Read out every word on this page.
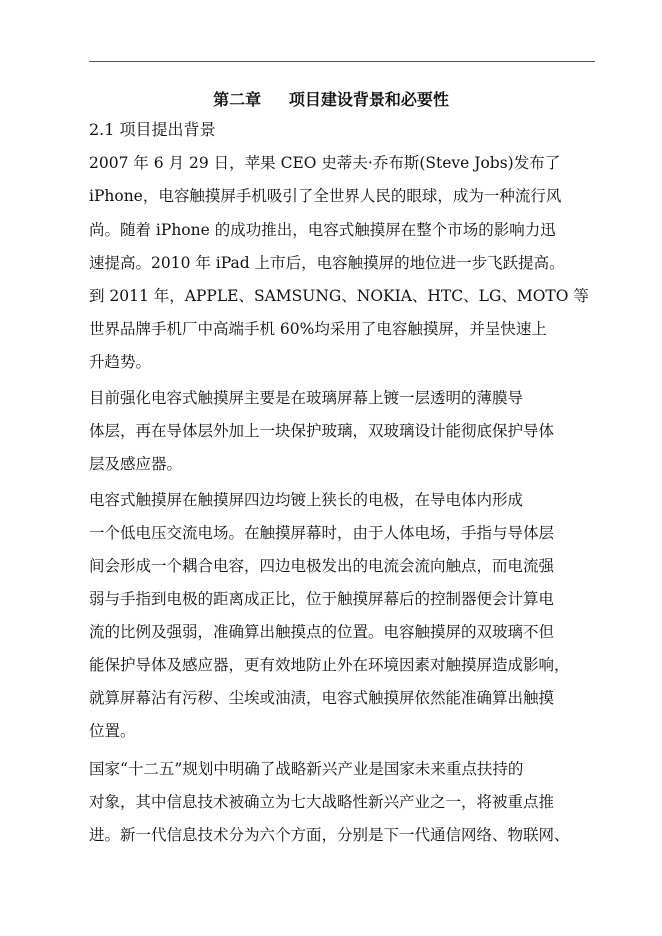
第二章     项目建设背景和必要性
2.1 项目提出背景
2007 年 6 月 29 日，苹果 CEO 史蒂夫·乔布斯(Steve Jobs)发布了
iPhone，电容触摸屏手机吸引了全世界人民的眼球，成为一种流行风
尚。随着 iPhone 的成功推出，电容式触摸屏在整个市场的影响力迅
速提高。2010 年 iPad 上市后，电容触摸屏的地位进一步飞跃提高。
到 2011 年，APPLE、SAMSUNG、NOKIA、HTC、LG、MOTO 等
世界品牌手机厂中高端手机 60%均采用了电容触摸屏，并呈快速上
升趋势。
目前强化电容式触摸屏主要是在玻璃屏幕上镀一层透明的薄膜导
体层，再在导体层外加上一块保护玻璃，双玻璃设计能彻底保护导体
层及感应器。
电容式触摸屏在触摸屏四边均镀上狭长的电极，在导电体内形成
一个低电压交流电场。在触摸屏幕时，由于人体电场，手指与导体层
间会形成一个耦合电容，四边电极发出的电流会流向触点，而电流强
弱与手指到电极的距离成正比，位于触摸屏幕后的控制器便会计算电
流的比例及强弱，准确算出触摸点的位置。电容触摸屏的双玻璃不但
能保护导体及感应器，更有效地防止外在环境因素对触摸屏造成影响，
就算屏幕沾有污秽、尘埃或油渍，电容式触摸屏依然能准确算出触摸
位置。
国家“十二五”规划中明确了战略新兴产业是国家未来重点扶持的
对象，其中信息技术被确立为七大战略性新兴产业之一，将被重点推
进。新一代信息技术分为六个方面，分别是下一代通信网络、物联网、
